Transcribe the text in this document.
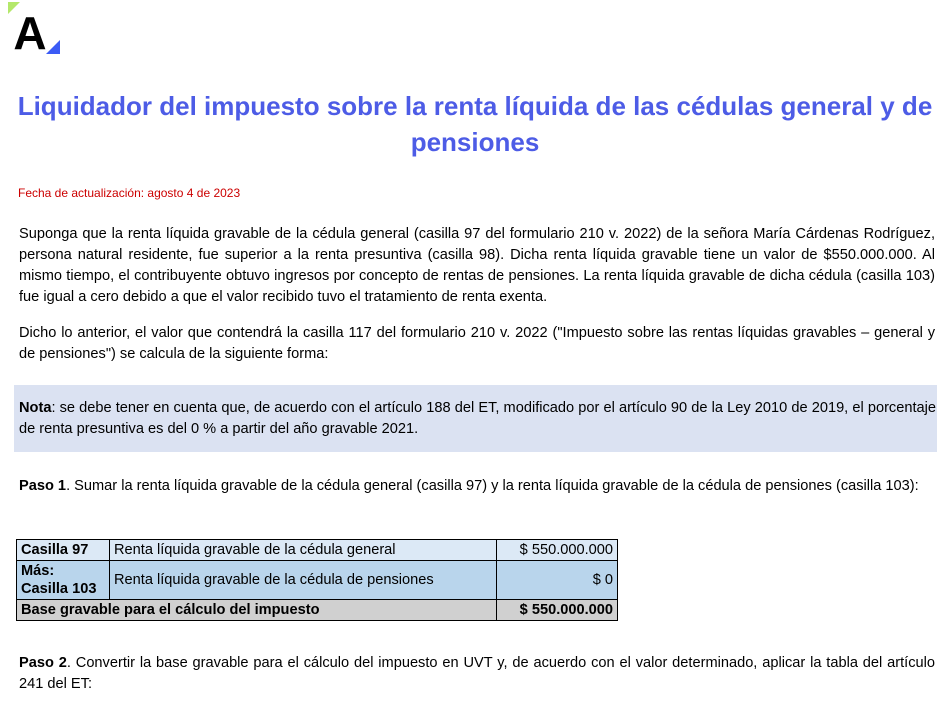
A
Liquidador del impuesto sobre la renta líquida de las cédulas general y de pensiones

Fecha de actualización: agosto 4 de 2023

Suponga que la renta líquida gravable de la cédula general (casilla 97 del formulario 210 v. 2022) de la señora María Cárdenas Rodríguez, persona natural residente, fue superior a la renta presuntiva (casilla 98). Dicha renta líquida gravable tiene un valor de $550.000.000. Al mismo tiempo, el contribuyente obtuvo ingresos por concepto de rentas de pensiones. La renta líquida gravable de dicha cédula (casilla 103) fue igual a cero debido a que el valor recibido tuvo el tratamiento de renta exenta.

Dicho lo anterior, el valor que contendrá la casilla 117 del formulario 210 v. 2022 ("Impuesto sobre las rentas líquidas gravables – general y de pensiones") se calcula de la siguiente forma:

Nota: se debe tener en cuenta que, de acuerdo con el artículo 188 del ET, modificado por el artículo 90 de la Ley 2010 de 2019, el porcentaje de renta presuntiva es del 0 % a partir del año gravable 2021.

Paso 1. Sumar la renta líquida gravable de la cédula general (casilla 97) y la renta líquida gravable de la cédula de pensiones (casilla 103):

Casilla 97	Renta líquida gravable de la cédula general	$ 550.000.000
Más:
Casilla 103	Renta líquida gravable de la cédula de pensiones	$ 0
Base gravable para el cálculo del impuesto		$ 550.000.000

Paso 2. Convertir la base gravable para el cálculo del impuesto en UVT y, de acuerdo con el valor determinado, aplicar la tabla del artículo 241 del ET:
